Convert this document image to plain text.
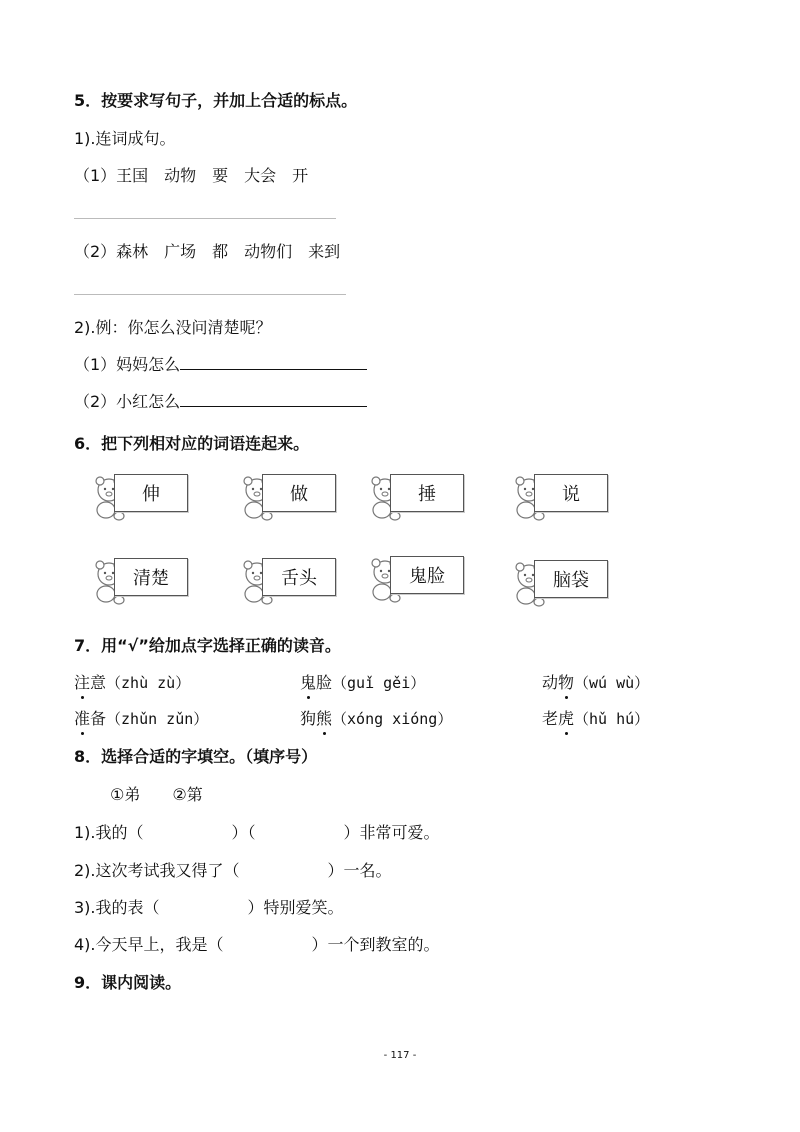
5．按要求写句子，并加上合适的标点。
1).连词成句。
（1）王国　动物　要　大会　开
（2）森林　广场　都　动物们　来到
2).例：你怎么没问清楚呢？
（1）妈妈怎么
（2）小红怎么
6．把下列相对应的词语连起来。
伸	做	捶	说
清楚	舌头	鬼脸	脑袋
7．用“√”给加点字选择正确的读音。
注意（zhù zù）	鬼脸（guǐ gěi）	动物（wú wù）
准备（zhǔn zǔn）	狗熊（xóng xióng）	老虎（hǔ hú）
8．选择合适的字填空。（填序号）
①弟　　②第
1).我的（	）（	）非常可爱。
2).这次考试我又得了（	）一名。
3).我的表（	）特别爱笑。
4).今天早上，我是（	）一个到教室的。
9．课内阅读。
- 117 -
